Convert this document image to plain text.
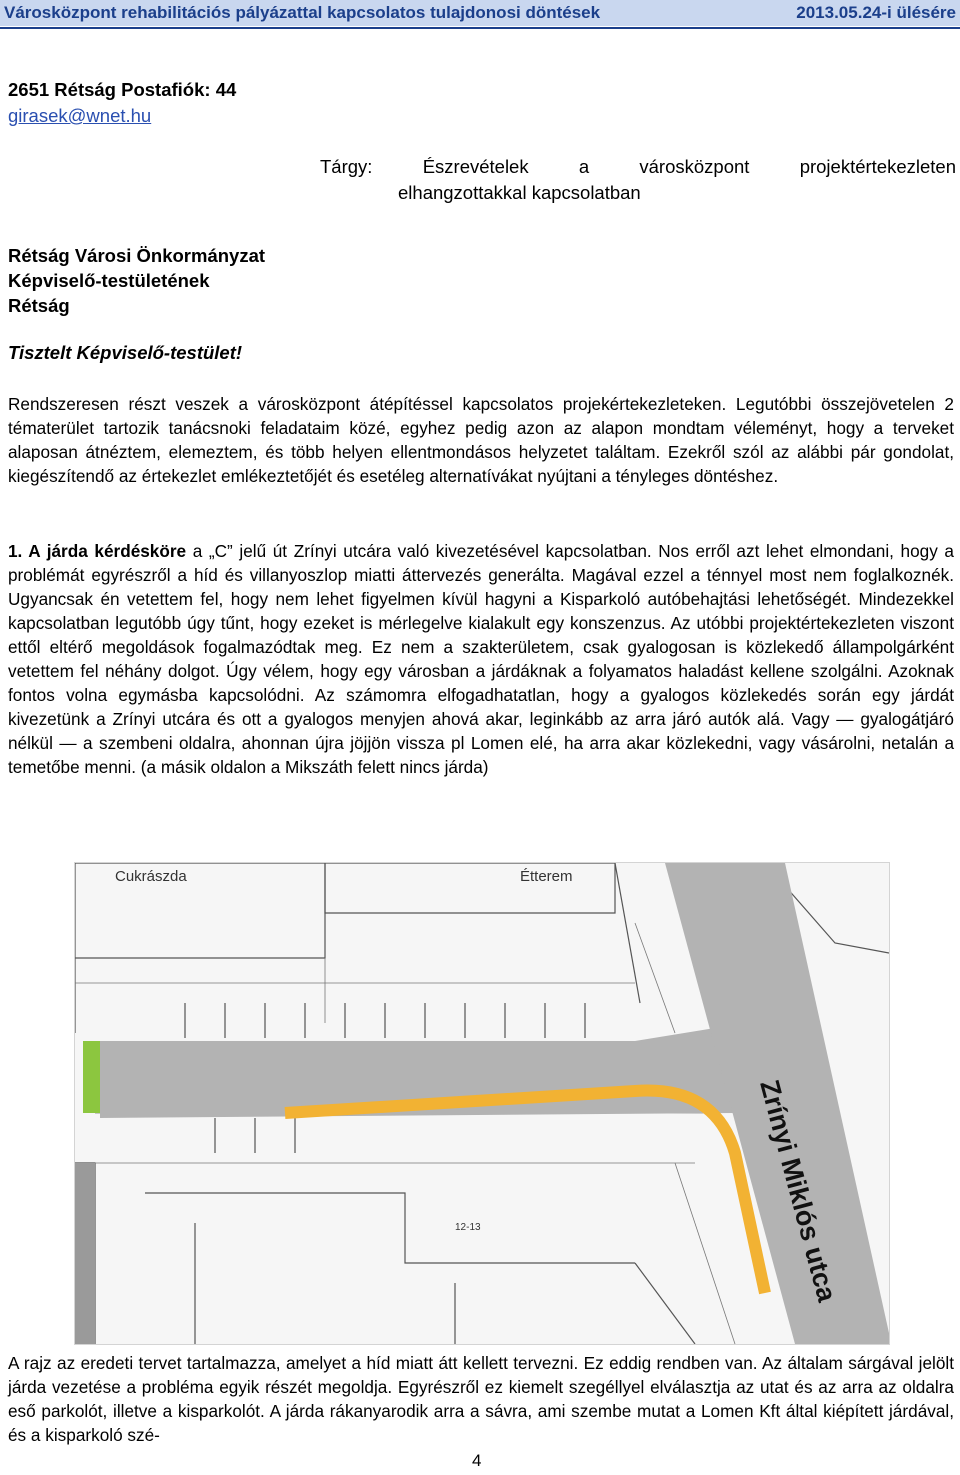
Városközpont rehabilitációs pályázattal kapcsolatos tulajdonosi döntések	2013.05.24-i ülésére
2651 Rétság Postafiók: 44
girasek@wnet.hu
Tárgy:	Észrevételek	a	városközpont	projektértekezleten
elhangzottakkal kapcsolatban
Rétság Városi Önkormányzat
Képviselő-testületének
Rétság
Tisztelt Képviselő-testület!
Rendszeresen részt veszek a városközpont átépítéssel kapcsolatos projekértekezleteken. Legutóbbi összejövetelen 2 tématerület tartozik tanácsnoki feladataim közé, egyhez pedig azon az alapon mondtam véleményt, hogy a terveket alaposan átnéztem, elemeztem, és több helyen ellentmondásos helyzetet találtam. Ezekről szól az alábbi pár gondolat, kiegészítendő az értekezlet emlékeztetőjét és esetéleg alternatívákat nyújtani a tényleges döntéshez.
1. A járda kérdésköre a „C” jelű út Zrínyi utcára való kivezetésével kapcsolatban. Nos erről azt lehet elmondani, hogy a problémát egyrészről a híd és villanyoszlop miatti áttervezés generálta. Magával ezzel a ténnyel most nem foglalkoznék. Ugyancsak én vetettem fel, hogy nem lehet figyelmen kívül hagyni a Kisparkoló autóbehajtási lehetőségét. Mindezekkel kapcsolatban legutóbb úgy tűnt, hogy ezeket is mérlegelve kialakult egy konszenzus. Az utóbbi projektértekezleten viszont ettől eltérő megoldások fogalmazódtak meg. Ez nem a szakterületem, csak gyalogosan is közlekedő állampolgárként vetettem fel néhány dolgot. Úgy vélem, hogy egy városban a járdáknak a folyamatos haladást kellene szolgálni. Azoknak fontos volna egymásba kapcsolódni. Az számomra elfogadhatatlan, hogy a gyalogos közlekedés során egy járdát kivezetünk a Zrínyi utcára és ott a gyalogos menyjen ahová akar, leginkább az arra járó autók alá. Vagy — gyalogátjáró nélkül — a szembeni oldalra, ahonnan újra jöjjön vissza pl Lomen elé, ha arra akar közlekedni, vagy vásárolni, netalán a temetőbe menni. (a másik oldalon a Mikszáth felett nincs járda)
Cukrászda	Étterem
12-13	Zrínyi Miklós utca
A rajz az eredeti tervet tartalmazza, amelyet a híd miatt átt kellett tervezni. Ez eddig rendben van. Az általam sárgával jelölt járda vezetése a probléma egyik részét megoldja. Egyrészről ez kiemelt szegéllyel elválasztja az utat és az arra az oldalra eső parkolót, illetve a kisparkolót. A járda rákanyarodik arra a sávra, ami szembe mutat a Lomen Kft által kiépített járdával, és a kisparkoló szé-
4
